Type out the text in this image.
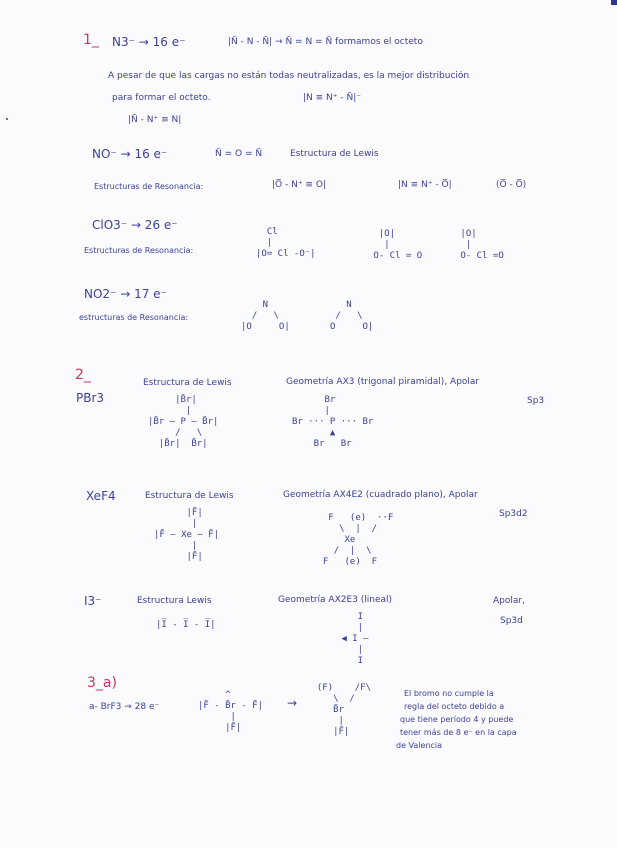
1_ N3⁻ → 16 e⁻	|N̄ - N - N̄| → N̄ = N = N̄ formamos el octeto
A pesar de que las cargas no están todas neutralizadas, es la mejor distribución
para formar el octeto.	|N ≡ N⁺ - N̄|⁻
|N̄ - N⁺ ≡ N|
NO⁻ → 16 e⁻	N̄ = O = N̄	Estructura de Lewis
Estructuras de Resonancia:	|O̅ - N⁺ ≡ O|	|N ≡ N⁺ - O̅|	(O̅ - O̅)
ClO3⁻ → 26 e⁻
Estructuras de Resonancia:
Cl
|
|O= Cl -O⁻|
|O|
|
O- Cl = O
|O|
|
O- Cl =O
NO2⁻ → 17 e⁻
estructuras de Resonancia:
N
/   \
|O     O|
N
/   \
O     O|
2_
PBr3
Estructura de Lewis	Geometría AX3 (trigonal piramidal), Apolar
Sp3
|B̄r|
|
|B̄r — P — B̄r|
/   \
|B̄r|  B̄r|
Br
|
Br ··· P ··· Br
▲
Br   Br
XeF4	Estructura de Lewis	Geometría AX4E2 (cuadrado plano), Apolar
Sp3d2
|F̄|
|
|F̄ — Xe — F̄|
|
|F̄|
F   (e)  ··F
\  |  /
Xe
/  |  \
F   (e)  F
I3⁻	Estructura Lewis	Geometría AX2E3 (lineal)	Apolar,
Sp3d
|I̅ - I̅ - I̅|
I
|
◀ I —
|
I
3_a)
a- BrF3 → 28 e⁻
^
|F̄ - B̄r - F̄|
|
|F̄|
→
(F)    /F\
\  /
B̄r
|
|F̄|
El bromo no cumple la
regla del octeto debido a
que tiene período 4 y puede
tener más de 8 e⁻ en la capa
de Valencia
